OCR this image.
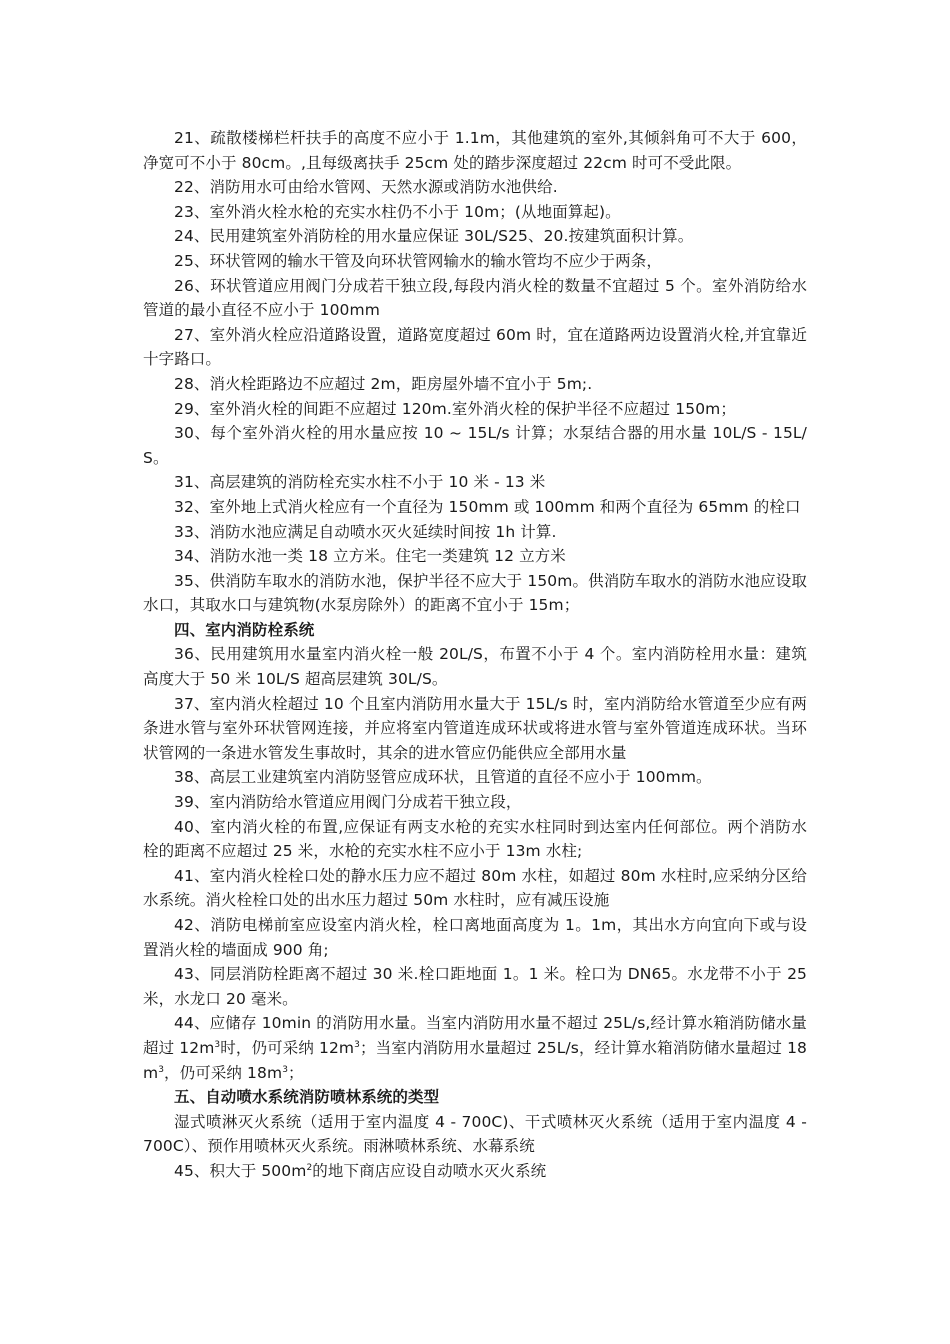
21、疏散楼梯栏杆扶手的高度不应小于 1.1m，其他建筑的室外,其倾斜角可不大于 600，净宽可不小于 80cm。,且每级离扶手 25cm 处的踏步深度超过 22cm 时可不受此限。

22、消防用水可由给水管网、天然水源或消防水池供给.

23、室外消火栓水枪的充实水柱仍不小于 10m；(从地面算起)。

24、民用建筑室外消防栓的用水量应保证 30L/S25、20.按建筑面积计算。

25、环状管网的输水干管及向环状管网输水的输水管均不应少于两条，

26、环状管道应用阀门分成若干独立段,每段内消火栓的数量不宜超过 5 个。室外消防给水管道的最小直径不应小于 100mm

27、室外消火栓应沿道路设置，道路宽度超过 60m 时，宜在道路两边设置消火栓,并宜靠近十字路口。

28、消火栓距路边不应超过 2m，距房屋外墙不宜小于 5m;.

29、室外消火栓的间距不应超过 120m.室外消火栓的保护半径不应超过 150m；

30、每个室外消火栓的用水量应按 10 ~ 15L/s 计算；水泵结合器的用水量 10L/S - 15L/S。

31、高层建筑的消防栓充实水柱不小于 10 米 - 13 米

32、室外地上式消火栓应有一个直径为 150mm 或 100mm 和两个直径为 65mm 的栓口

33、消防水池应满足自动喷水灭火延续时间按 1h 计算.

34、消防水池一类 18 立方米。住宅一类建筑 12 立方米

35、供消防车取水的消防水池，保护半径不应大于 150m。供消防车取水的消防水池应设取水口，其取水口与建筑物(水泵房除外）的距离不宜小于 15m；

四、室内消防栓系统

36、民用建筑用水量室内消火栓一般 20L/S，布置不小于 4 个。室内消防栓用水量：建筑高度大于 50 米 10L/S 超高层建筑 30L/S。

37、室内消火栓超过 10 个且室内消防用水量大于 15L/s 时，室内消防给水管道至少应有两条进水管与室外环状管网连接，并应将室内管道连成环状或将进水管与室外管道连成环状。当环状管网的一条进水管发生事故时，其余的进水管应仍能供应全部用水量

38、高层工业建筑室内消防竖管应成环状，且管道的直径不应小于 100mm。

39、室内消防给水管道应用阀门分成若干独立段，

40、室内消火栓的布置,应保证有两支水枪的充实水柱同时到达室内任何部位。两个消防水栓的距离不应超过 25 米，水枪的充实水柱不应小于 13m 水柱;

41、室内消火栓栓口处的静水压力应不超过 80m 水柱，如超过 80m 水柱时,应采纳分区给水系统。消火栓栓口处的出水压力超过 50m 水柱时，应有减压设施

42、消防电梯前室应设室内消火栓，栓口离地面高度为 1。1m，其出水方向宜向下或与设置消火栓的墙面成 900 角;

43、同层消防栓距离不超过 30 米.栓口距地面 1。1 米。栓口为 DN65。水龙带不小于 25 米，水龙口 20 毫米。

44、应储存 10min 的消防用水量。当室内消防用水量不超过 25L/s,经计算水箱消防储水量超过 $12m^3$时，仍可采纳 $12m^3$；当室内消防用水量超过 25L/s，经计算水箱消防储水量超过 $18m^3$，仍可采纳 $18m^3$；

五、自动喷水系统消防喷林系统的类型

湿式喷淋灭火系统（适用于室内温度 4 - 700C)、干式喷林灭火系统（适用于室内温度 4 - 700C）、预作用喷林灭火系统。雨淋喷林系统、水幕系统

45、积大于 $500m^2$的地下商店应设自动喷水灭火系统
